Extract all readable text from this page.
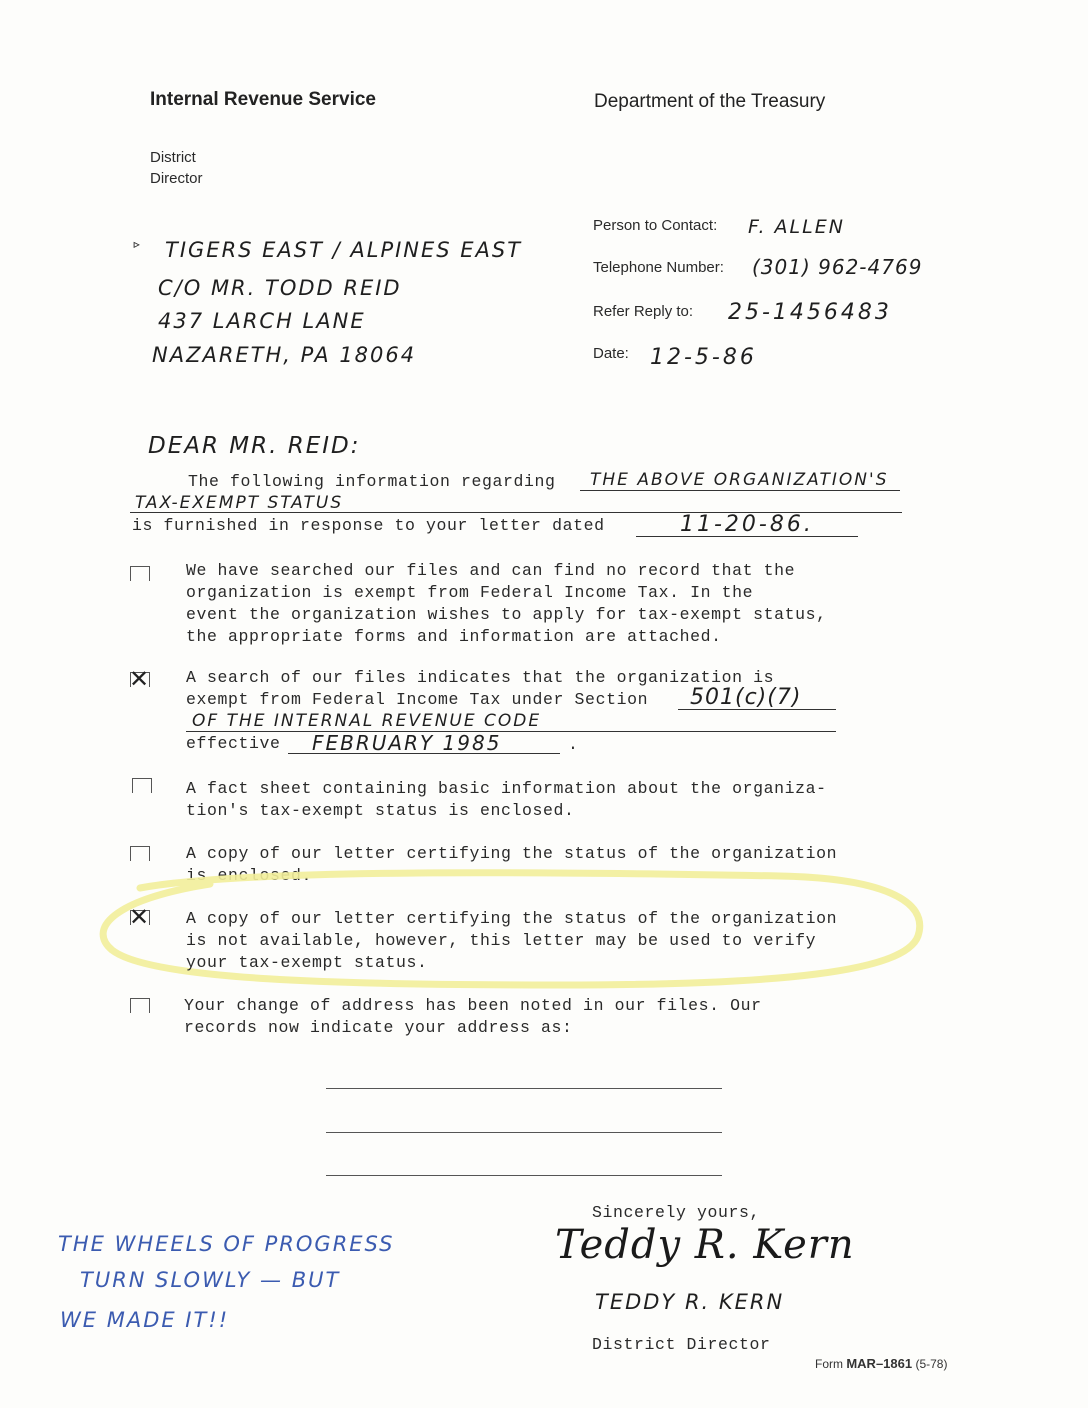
Internal Revenue Service	Department of the Treasury
District
Director
▹ TIGERS EAST / ALPINES EAST
C/O MR. TODD REID
437 LARCH LANE
NAZARETH, PA 18064
Person to Contact: F. ALLEN
Telephone Number: (301) 962-4769
Refer Reply to: 25-1456483
Date: 12-5-86
DEAR MR. REID:
The following information regarding THE ABOVE ORGANIZATION'S
TAX-EXEMPT STATUS
is furnished in response to your letter dated	11-20-86.
We have searched our files and can find no record that the
organization is exempt from Federal Income Tax. In the
event the organization wishes to apply for tax-exempt status,
the appropriate forms and information are attached.
✕ A search of our files indicates that the organization is
exempt from Federal Income Tax under Section 501(c)(7)
OF THE INTERNAL REVENUE CODE
effective FEBRUARY 1985	.
A fact sheet containing basic information about the organiza-
tion's tax-exempt status is enclosed.
A copy of our letter certifying the status of the organization
is enclosed.
✕ A copy of our letter certifying the status of the organization
is not available, however, this letter may be used to verify
your tax-exempt status.
Your change of address has been noted in our files. Our
records now indicate your address as:
Sincerely yours,
Teddy R. Kern
TEDDY R. KERN
District Director
THE WHEELS OF PROGRESS
TURN SLOWLY — BUT
WE MADE IT!!
Form MAR–1861 (5-78)
